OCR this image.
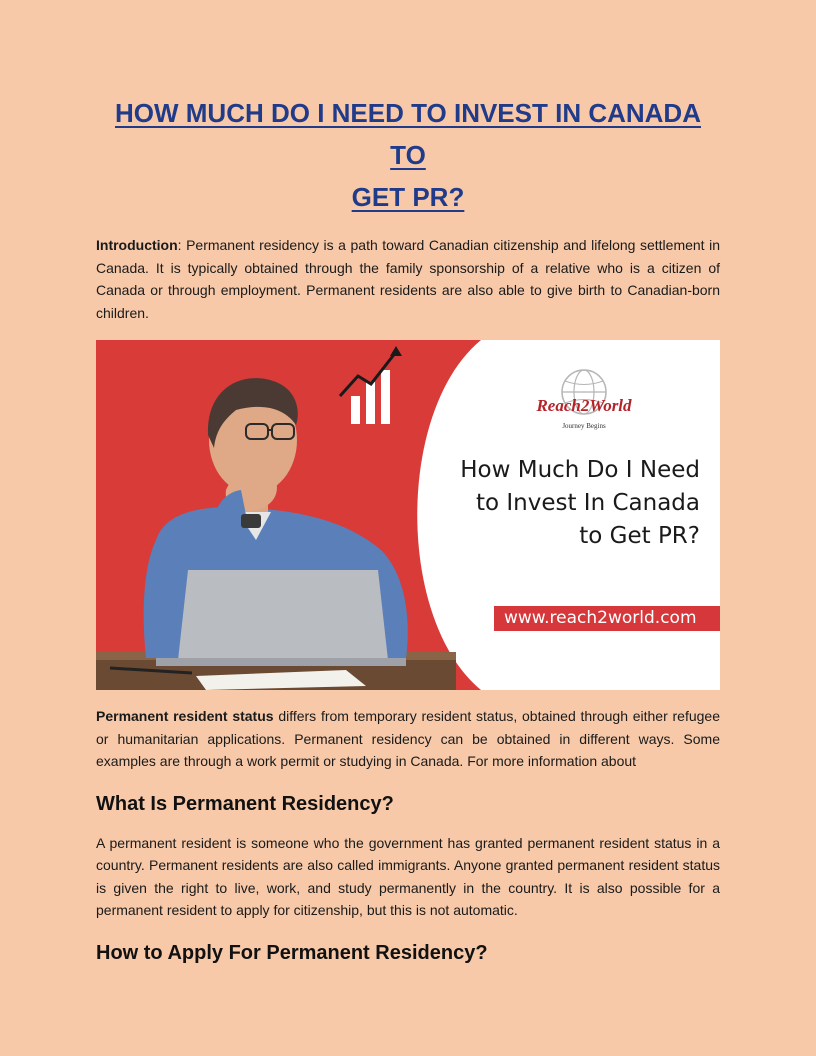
HOW MUCH DO I NEED TO INVEST IN CANADA TO
GET PR?

Introduction: Permanent residency is a path toward Canadian citizenship and lifelong settlement in Canada. It is typically obtained through the family sponsorship of a relative who is a citizen of Canada or through employment. Permanent residents are also able to give birth to Canadian-born children.

Reach2World
Journey Begins
How Much Do I Need
to Invest In Canada
to Get PR?
www.reach2world.com

Permanent resident status differs from temporary resident status, obtained through either refugee or humanitarian applications. Permanent residency can be obtained in different ways. Some examples are through a work permit or studying in Canada. For more information about

What Is Permanent Residency?

A permanent resident is someone who the government has granted permanent resident status in a country. Permanent residents are also called immigrants. Anyone granted permanent resident status is given the right to live, work, and study permanently in the country. It is also possible for a permanent resident to apply for citizenship, but this is not automatic.

How to Apply For Permanent Residency?
